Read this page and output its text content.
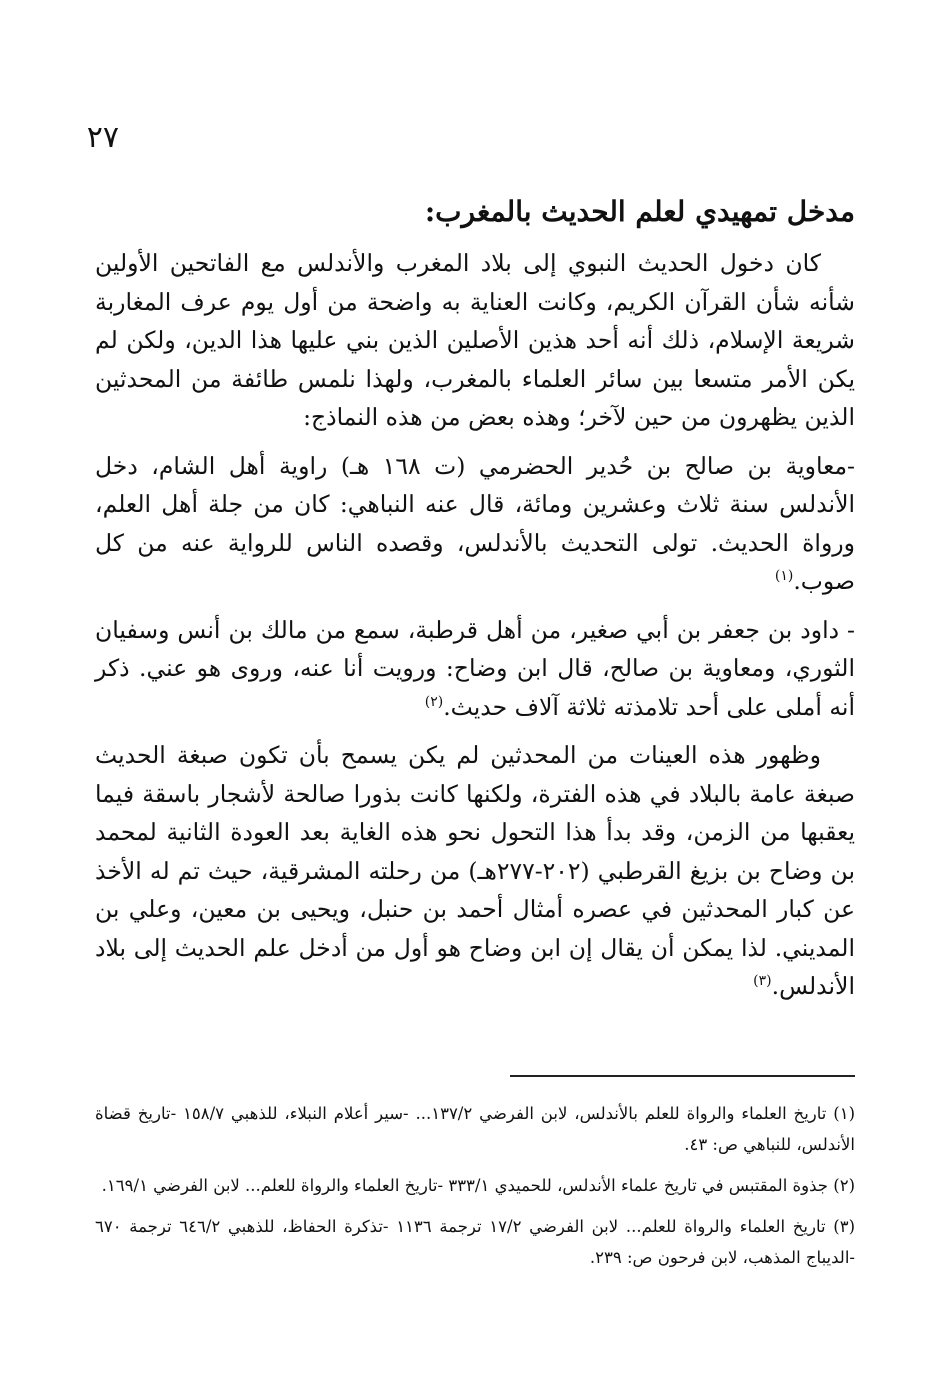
٢٧
مدخل تمهيدي لعلم الحديث بالمغرب:

كان دخول الحديث النبوي إلى بلاد المغرب والأندلس مع الفاتحين الأولين شأنه شأن القرآن الكريم، وكانت العناية به واضحة من أول يوم عرف المغاربة شريعة الإسلام، ذلك أنه أحد هذين الأصلين الذين بني عليها هذا الدين، ولكن لم يكن الأمر متسعا بين سائر العلماء بالمغرب، ولهذا نلمس طائفة من المحدثين الذين يظهرون من حين لآخر؛ وهذه بعض من هذه النماذج:

-معاوية بن صالح بن حُدير الحضرمي (ت ١٦٨ هـ) راوية أهل الشام، دخل الأندلس سنة ثلاث وعشرين ومائة، قال عنه النباهي: كان من جلة أهل العلم، ورواة الحديث. تولى التحديث بالأندلس، وقصده الناس للرواية عنه من كل صوب.$^{(١)}$

- داود بن جعفر بن أبي صغير، من أهل قرطبة، سمع من مالك بن أنس وسفيان الثوري، ومعاوية بن صالح، قال ابن وضاح: ورويت أنا عنه، وروى هو عني. ذكر أنه أملى على أحد تلامذته ثلاثة آلاف حديث.$^{(٢)}$

وظهور هذه العينات من المحدثين لم يكن يسمح بأن تكون صبغة الحديث صبغة عامة بالبلاد في هذه الفترة، ولكنها كانت بذورا صالحة لأشجار باسقة فيما يعقبها من الزمن، وقد بدأ هذا التحول نحو هذه الغاية بعد العودة الثانية لمحمد بن وضاح بن بزيغ القرطبي (٢٠٢-٢٧٧هـ) من رحلته المشرقية، حيث تم له الأخذ عن كبار المحدثين في عصره أمثال أحمد بن حنبل، ويحيى بن معين، وعلي بن المديني. لذا يمكن أن يقال إن ابن وضاح هو أول من أدخل علم الحديث إلى بلاد الأندلس.$^{(٣)}$

(١) تاريخ العلماء والرواة للعلم بالأندلس، لابن الفرضي ١٣٧/٢... -سير أعلام النبلاء، للذهبي ١٥٨/٧ -تاريخ قضاة الأندلس، للنباهي ص: ٤٣.

(٢) جذوة المقتبس في تاريخ علماء الأندلس، للحميدي ٣٣٣/١ -تاريخ العلماء والرواة للعلم... لابن الفرضي ١٦٩/١.

(٣) تاريخ العلماء والرواة للعلم... لابن الفرضي ١٧/٢ ترجمة ١١٣٦ -تذكرة الحفاظ، للذهبي ٦٤٦/٢ ترجمة ٦٧٠ -الديباج المذهب، لابن فرحون ص: ٢٣٩.
